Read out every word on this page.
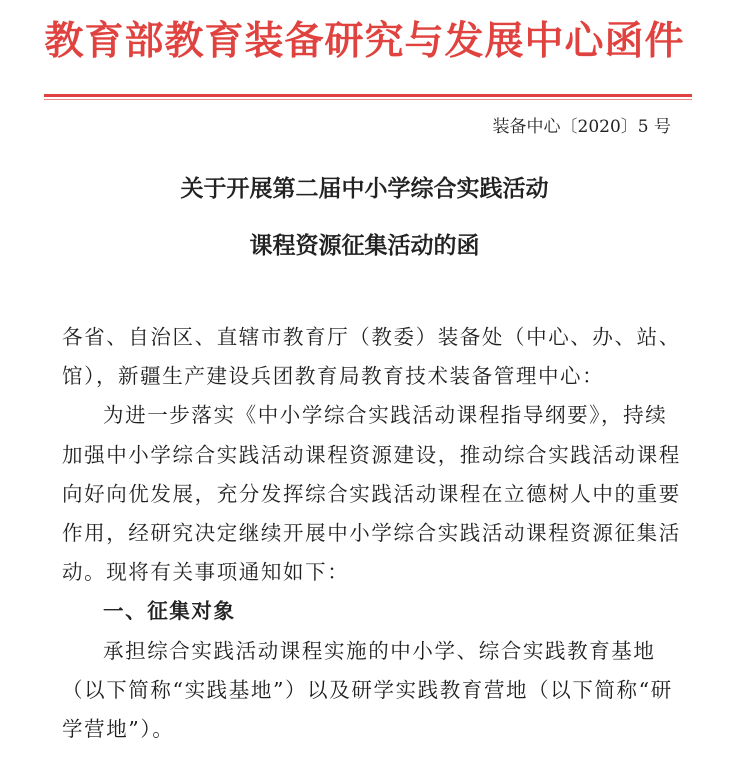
教育部教育装备研究与发展中心函件
装备中心〔2020〕5 号
关于开展第二届中小学综合实践活动
课程资源征集活动的函

各省、自治区、直辖市教育厅（教委）装备处（中心、办、站、馆），新疆生产建设兵团教育局教育技术装备管理中心：

为进一步落实《中小学综合实践活动课程指导纲要》，持续加强中小学综合实践活动课程资源建设，推动综合实践活动课程向好向优发展，充分发挥综合实践活动课程在立德树人中的重要作用，经研究决定继续开展中小学综合实践活动课程资源征集活动。现将有关事项通知如下：

一、征集对象

承担综合实践活动课程实施的中小学、综合实践教育基地（以下简称“实践基地”）以及研学实践教育营地（以下简称“研学营地”）。
